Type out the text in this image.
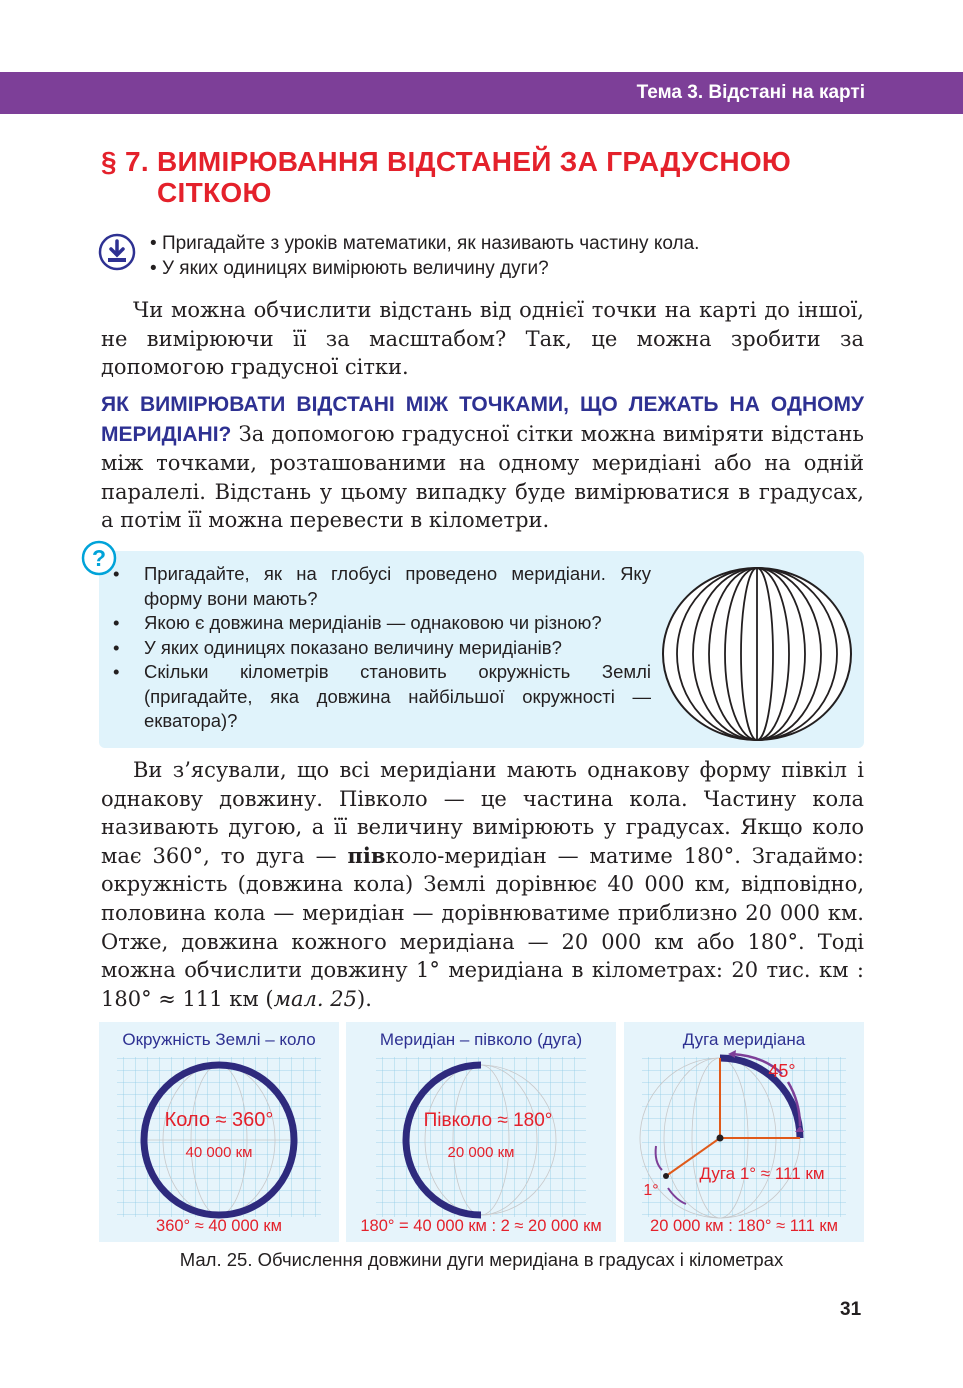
Тема 3. Відстані на карті
§ 7. ВИМІРЮВАННЯ ВІДСТАНЕЙ ЗА ГРАДУСНОЮ
СІТКОЮ
• Пригадайте з уроків математики, як називають частину кола.
• У яких одиницях вимірюють величину дуги?
Чи можна обчислити відстань від однієї точки на карті до іншої, не вимірюючи її за масштабом? Так, це можна зробити за допомогою градусної сітки.
ЯК ВИМІРЮВАТИ ВІДСТАНІ МІЖ ТОЧКАМИ, ЩО ЛЕЖАТЬ НА ОДНОМУ МЕРИДІАНІ? За допомогою градусної сітки можна виміряти відстань між точками, розташованими на одному меридіані або на одній паралелі. Відстань у цьому випадку буде вимірюватися в градусах, а потім її можна перевести в кілометри.
?
• Пригадайте, як на глобусі проведено меридіани. Яку форму вони мають?
• Якою є довжина меридіанів — однаковою чи різною?
• У яких одиницях показано величину меридіанів?
• Скільки кілометрів становить окружність Землі (пригадайте, яка довжина найбільшої окружності — екватора)?
Ви з’ясували, що всі меридіани мають однакову форму півкіл і однакову довжину. Півколо — це частина кола. Частину кола називають дугою, а її величину вимірюють у градусах. Якщо коло має 360°, то дуга — півколо-меридіан — матиме 180°. Згадаймо: окружність (довжина кола) Землі дорівнює 40 000 км, відповідно, половина кола — меридіан — дорівнюватиме приблизно 20 000 км. Отже, довжина кожного меридіана — 20 000 км або 180°. Тоді можна обчислити довжину 1° меридіана в кілометрах: 20 тис. км : 180° ≈ 111 км (мал. 25).
Коло ≈ 360°
40 000 км
Окружність Землі – коло
360° ≈ 40 000 км
Півколо ≈ 180°
20 000 км
Меридіан – півколо (дуга)
180° = 40 000 км : 2 ≈ 20 000 км
45°
Дуга 1° ≈ 111 км
1°
Дуга меридіана
20 000 км : 180° ≈ 111 км
Мал. 25. Обчислення довжини дуги меридіана в градусах і кілометрах
31
